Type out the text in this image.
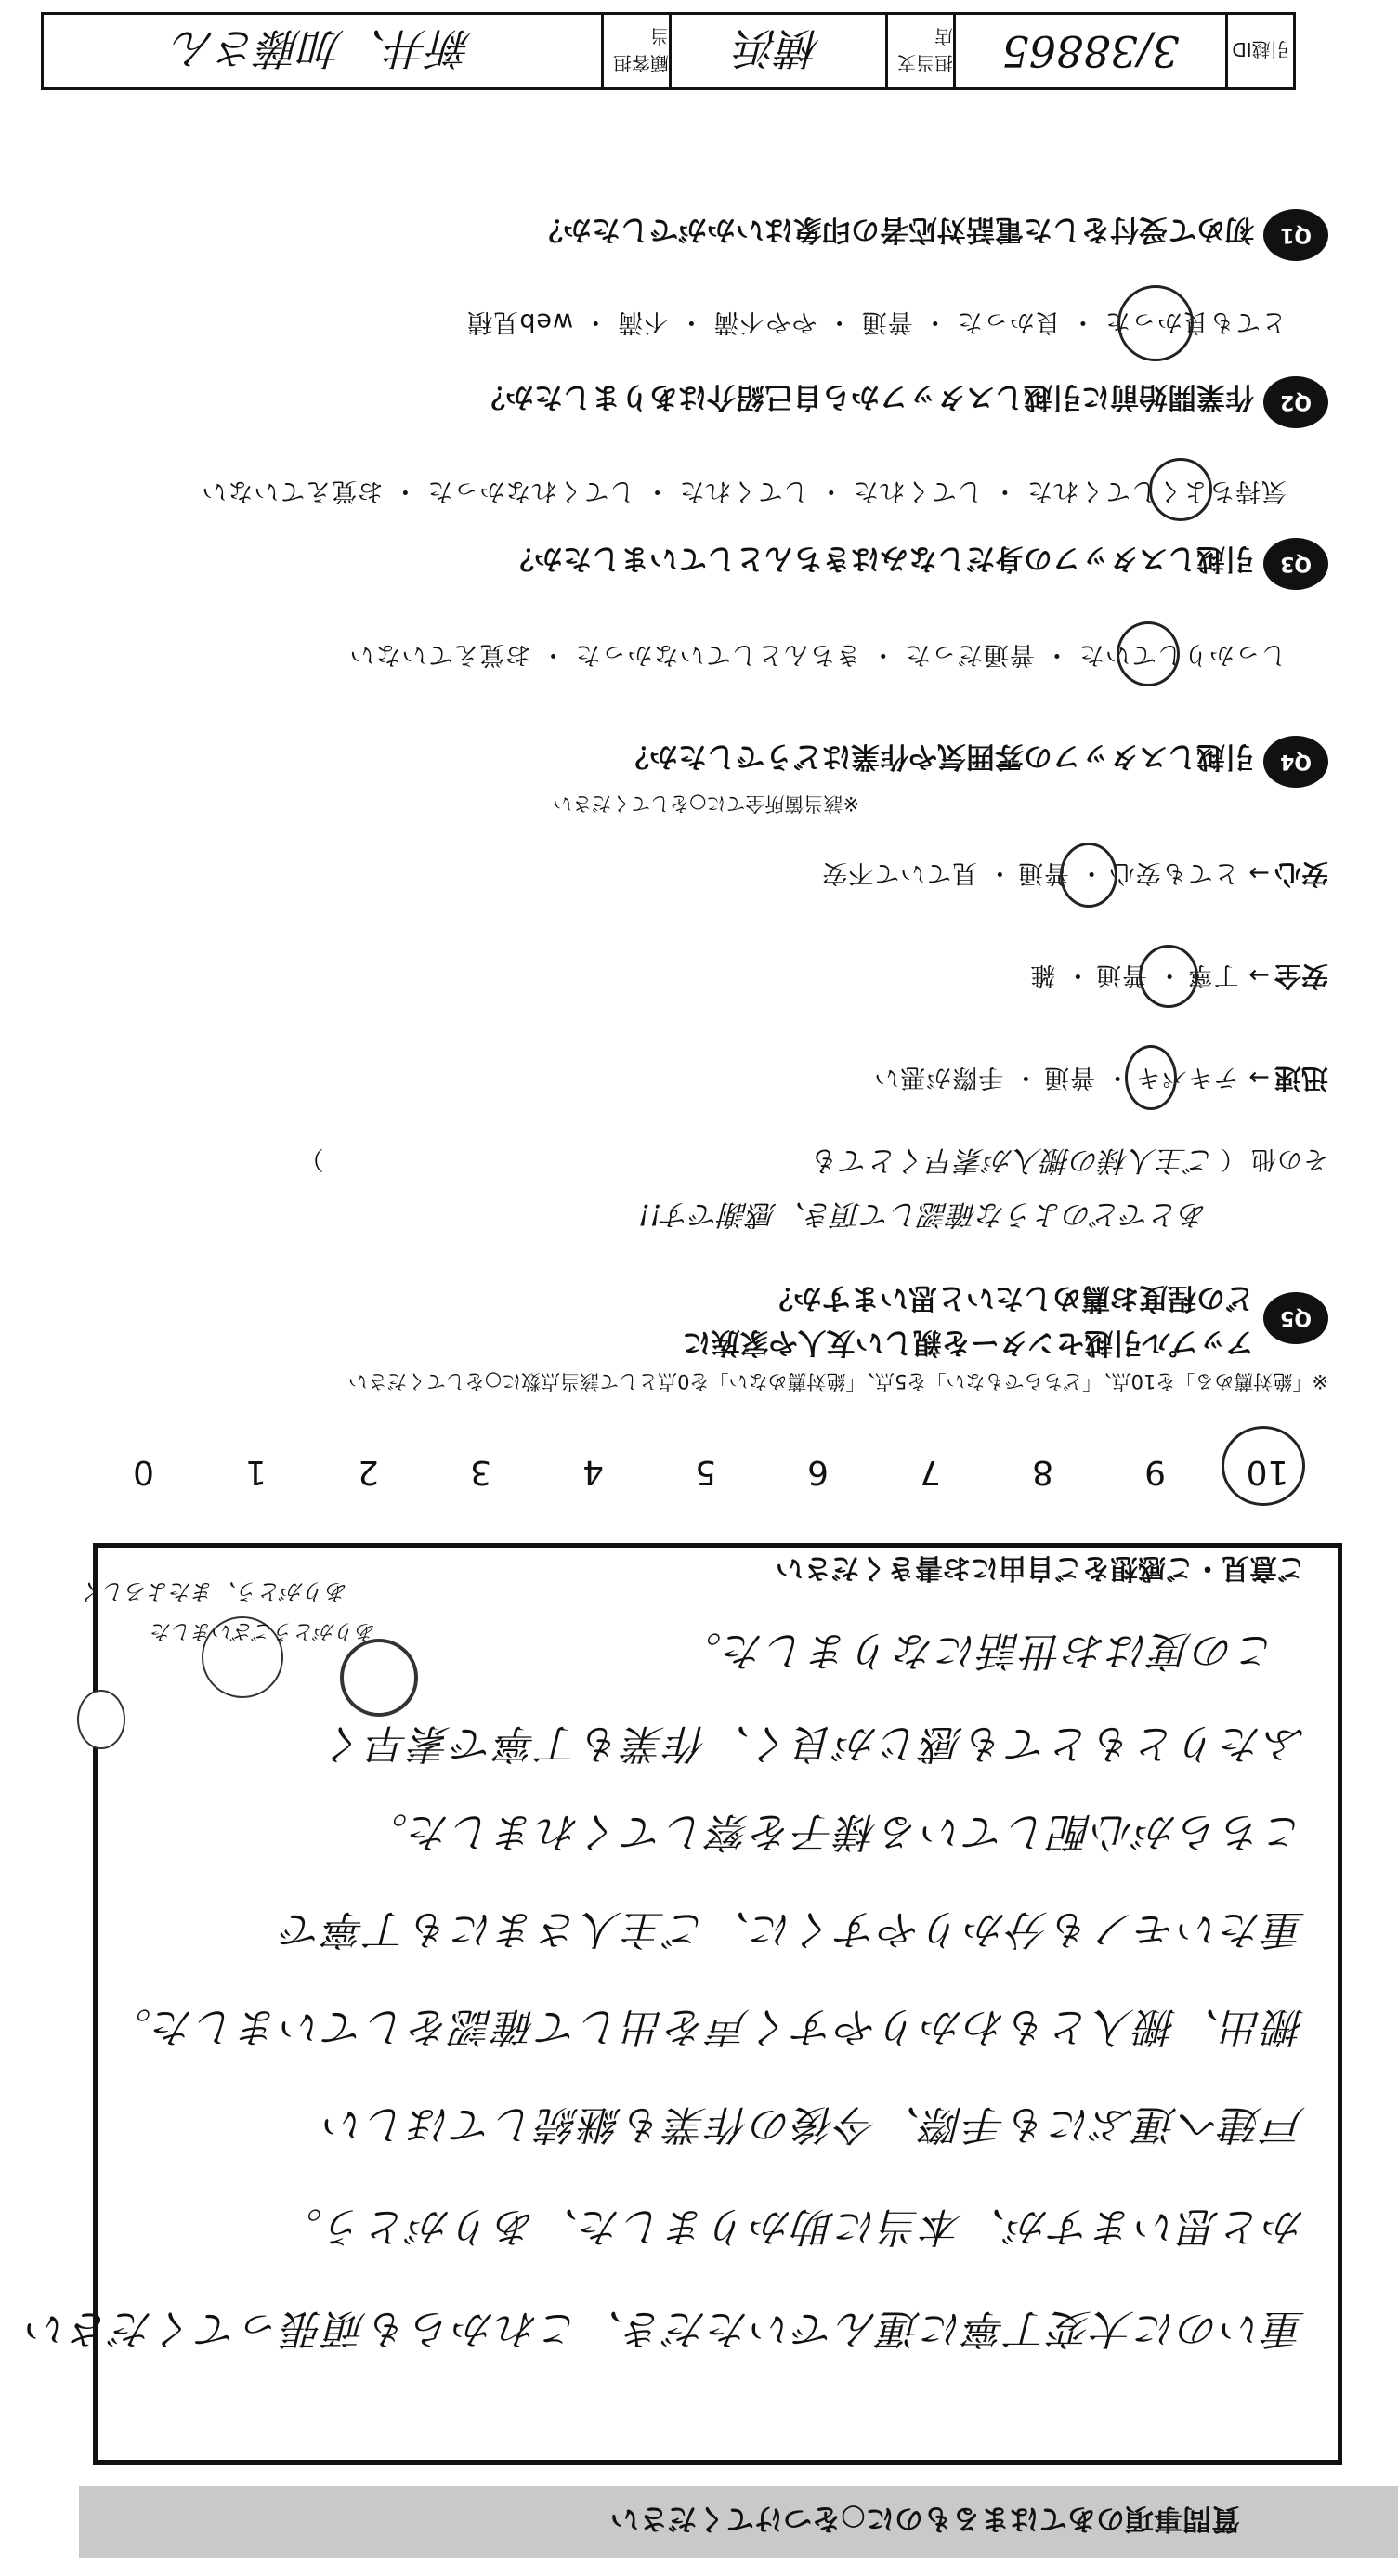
引越ID
3/38865
担当支店
横浜
顧客担当
新井、加藤さん
質問事項のあてはまるものに○をつけてください
Q1
初めて受付をした電話対応者の印象はいかがでしたか？
とても良かった ・ 良かった ・ 普通 ・ やや不満 ・ 不満 ・ web見積
Q2
作業開始前に引越しスタッフから自己紹介はありましたか？
気持ちよくしてくれた ・ してくれた ・ してくれた ・ してくれなかった ・ お覚えていない
Q3
引越しスタッフの身だしなみはきちんとしていましたか？
しっかりしていた ・ 普通だった ・ きちんとしていなかった ・ お覚えていない
Q4
引越しスタッフの雰囲気や作業はどうでしたか？
※該当箇所全てに○をしてください
安心 → とても安心 ・ 普通 ・ 見ていて不安
安全 → 丁寧 ・ 普通 ・ 雑
迅速 → テキパキ ・ 普通 ・ 手際が悪い
その他 （ ご主人様の搬入が素早くとても ）
あとでどのような確認して頂き、感謝です!!
Q5
アップル引越センターを親しい友人や家族に
どの程度お薦めしたいと思いますか？
※「絶対薦める」を10点、「どちらでもない」を5点、「絶対薦めない」を0点として該当点数に○をしてください
109876543210
ご意見・ご感想をご自由にお書きください
この度はお世話になりました。
ふたりともとても感じが良く、作業も丁寧で素早く
こちらが心配している様子を察してくれました。
重たいモノも分かりやすくに、ご主人さまにも丁寧で
搬出、搬入ともわかりやすく声を出して確認をしていました。
戸建へ運ぶにも手際、今後の作業も継続してほしい
かと思いますが、本当に助かりました、ありがとう。
重いのに大変丁寧に運んでいただき、これからも頑張ってください
ありがとう、またよろしく
ありがとうございました
